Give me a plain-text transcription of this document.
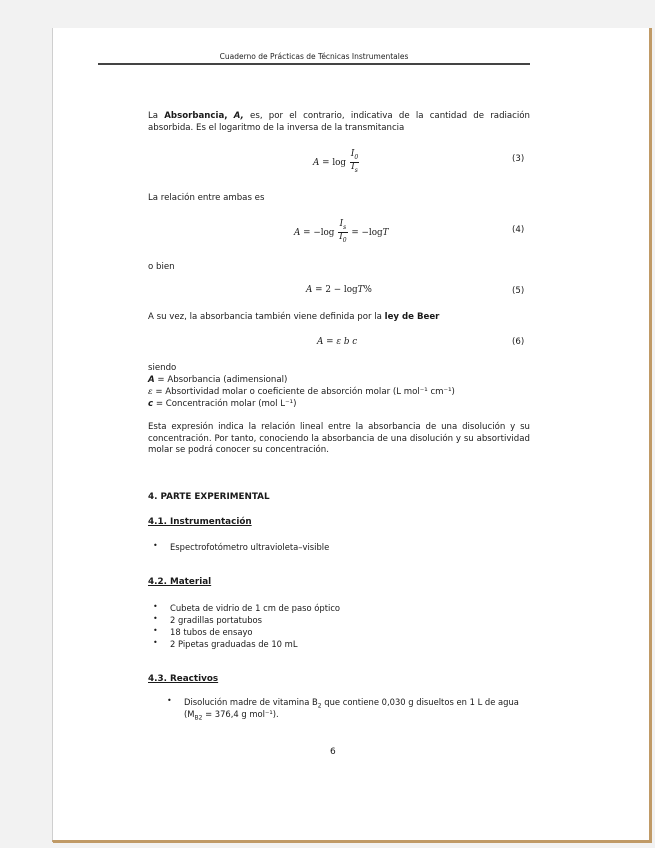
Cuaderno de Prácticas de Técnicas Instrumentales
La Absorbancia, A, es, por el contrario, indicativa de la cantidad de radiación absorbida. Es el logaritmo de la inversa de la transmitancia
$A = \log \frac{I_0}{I_s}$	(3)
La relación entre ambas es
$A = -\log \frac{I_s}{I_0} = -\log T$	(4)
o bien
A = 2 − logT%	(5)
A su vez, la absorbancia también viene definida por la ley de Beer
A = ε b c	(6)
siendo
A = Absorbancia (adimensional)
ε = Absortividad molar o coeficiente de absorción molar (L mol⁻¹ cm⁻¹)
c = Concentración molar (mol L⁻¹)
Esta expresión indica la relación lineal entre la absorbancia de una disolución y su concentración. Por tanto, conociendo la absorbancia de una disolución y su absortividad molar se podrá conocer su concentración.
4. PARTE EXPERIMENTAL
4.1. Instrumentación
• Espectrofotómetro ultravioleta–visible
4.2. Material
• Cubeta de vidrio de 1 cm de paso óptico
• 2 gradillas portatubos
• 18 tubos de ensayo
• 2 Pipetas graduadas de 10 mL
4.3. Reactivos
• Disolución madre de vitamina $B_2$ que contiene 0,030 g disueltos en 1 L de agua
($M_{B2} = 376,4$ g mol⁻¹).
6
